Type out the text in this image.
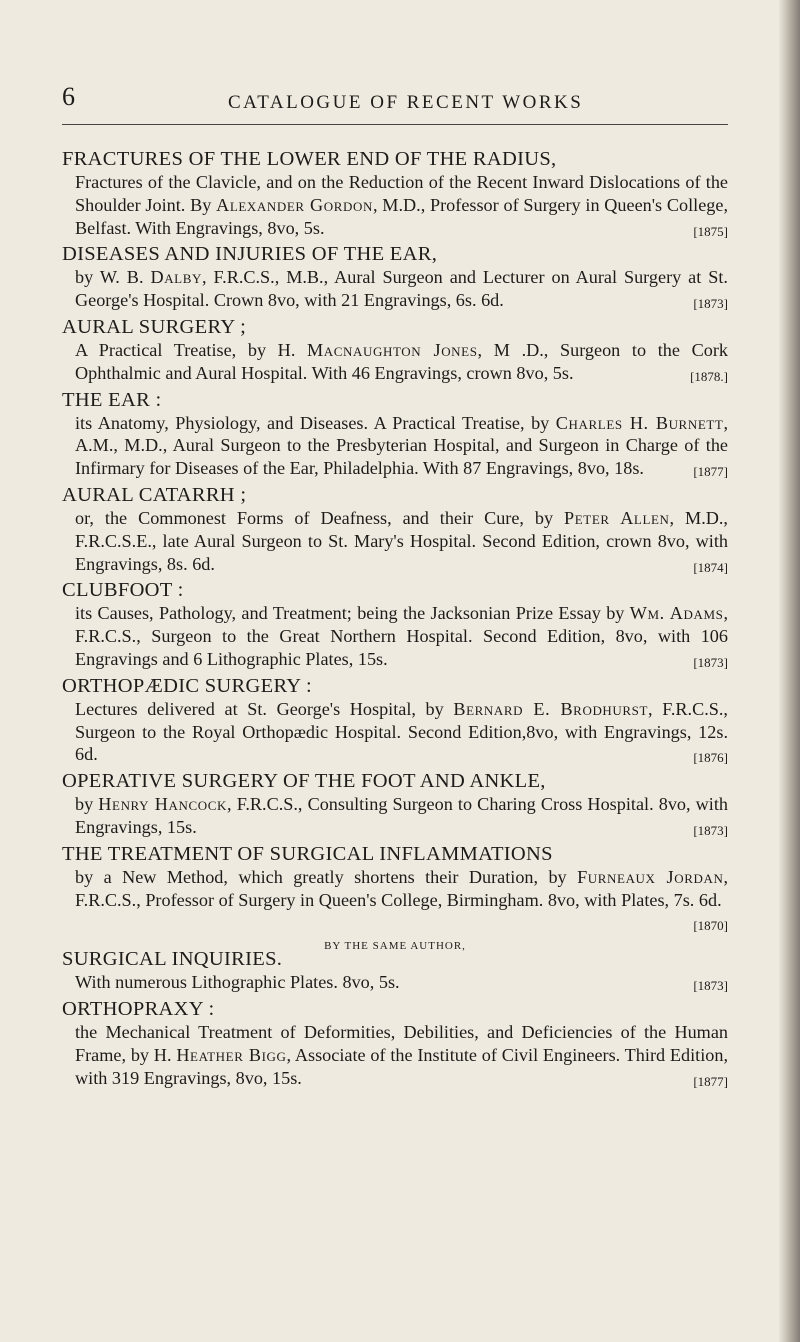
6	CATALOGUE OF RECENT WORKS

FRACTURES OF THE LOWER END OF THE RADIUS,

Fractures of the Clavicle, and on the Reduction of the Recent Inward Dislocations of the Shoulder Joint. By Alexander Gordon, M.D., Professor of Surgery in Queen's College, Belfast. With Engravings, 8vo, 5s.	[1875]

DISEASES AND INJURIES OF THE EAR,

by W. B. Dalby, F.R.C.S., M.B., Aural Surgeon and Lecturer on Aural Surgery at St. George's Hospital. Crown 8vo, with 21 Engravings, 6s. 6d.	[1873]

AURAL SURGERY ;

A Practical Treatise, by H. Macnaughton Jones, M .D., Surgeon to the Cork Ophthalmic and Aural Hospital. With 46 Engravings, crown 8vo, 5s.	[1878.]

THE EAR :

its Anatomy, Physiology, and Diseases. A Practical Treatise, by Charles H. Burnett, A.M., M.D., Aural Surgeon to the Presbyterian Hospital, and Surgeon in Charge of the Infirmary for Diseases of the Ear, Philadelphia. With 87 Engravings, 8vo, 18s.	[1877]

AURAL CATARRH ;

or, the Commonest Forms of Deafness, and their Cure, by Peter Allen, M.D., F.R.C.S.E., late Aural Surgeon to St. Mary's Hospital. Second Edition, crown 8vo, with Engravings, 8s. 6d.	[1874]

CLUBFOOT :

its Causes, Pathology, and Treatment; being the Jacksonian Prize Essay by Wm. Adams, F.R.C.S., Surgeon to the Great Northern Hospital. Second Edition, 8vo, with 106 Engravings and 6 Lithographic Plates, 15s.	[1873]

ORTHOPÆDIC SURGERY :

Lectures delivered at St. George's Hospital, by Bernard E. Brodhurst, F.R.C.S., Surgeon to the Royal Orthopædic Hospital. Second Edition,8vo, with Engravings, 12s. 6d.	[1876]

OPERATIVE SURGERY OF THE FOOT AND ANKLE,

by Henry Hancock, F.R.C.S., Consulting Surgeon to Charing Cross Hospital. 8vo, with Engravings, 15s.	[1873]

THE TREATMENT OF SURGICAL INFLAMMATIONS

by a New Method, which greatly shortens their Duration, by Furneaux Jordan, F.R.C.S., Professor of Surgery in Queen's College, Birmingham. 8vo, with Plates, 7s. 6d.
[1870]

BY THE SAME AUTHOR,

SURGICAL INQUIRIES.

With numerous Lithographic Plates. 8vo, 5s.	[1873]

ORTHOPRAXY :

the Mechanical Treatment of Deformities, Debilities, and Deficiencies of the Human Frame, by H. Heather Bigg, Associate of the Institute of Civil Engineers. Third Edition, with 319 Engravings, 8vo, 15s.	[1877]
